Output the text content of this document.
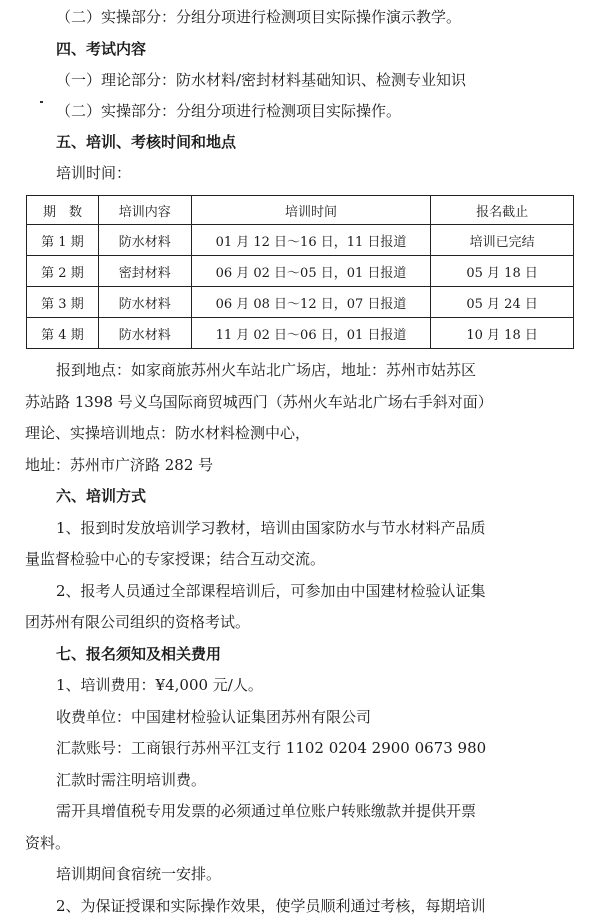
（二）实操部分：分组分项进行检测项目实际操作演示教学。
四、考试内容
（一）理论部分：防水材料/密封材料基础知识、检测专业知识
（二）实操部分：分组分项进行检测项目实际操作。
五、培训、考核时间和地点
培训时间：
期　数	培训内容	培训时间	报名截止
第 1 期	防水材料	01 月 12 日～16 日，11 日报道	培训已完结
第 2 期	密封材料	06 月 02 日～05 日，01 日报道	05 月 18 日
第 3 期	防水材料	06 月 08 日～12 日，07 日报道	05 月 24 日
第 4 期	防水材料	11 月 02 日～06 日，01 日报道	10 月 18 日
报到地点：如家商旅苏州火车站北广场店，地址：苏州市姑苏区
苏站路 1398 号义乌国际商贸城西门（苏州火车站北广场右手斜对面）
理论、实操培训地点：防水材料检测中心，
地址：苏州市广济路 282 号
六、培训方式
1、报到时发放培训学习教材，培训由国家防水与节水材料产品质
量监督检验中心的专家授课；结合互动交流。
2、报考人员通过全部课程培训后，可参加由中国建材检验认证集
团苏州有限公司组织的资格考试。
七、报名须知及相关费用
1、培训费用：¥4,000 元/人。
收费单位：中国建材检验认证集团苏州有限公司
汇款账号：工商银行苏州平江支行 1102 0204 2900 0673 980
汇款时需注明培训费。
需开具增值税专用发票的必须通过单位账户转账缴款并提供开票
资料。
培训期间食宿统一安排。
2、为保证授课和实际操作效果，使学员顺利通过考核，每期培训
